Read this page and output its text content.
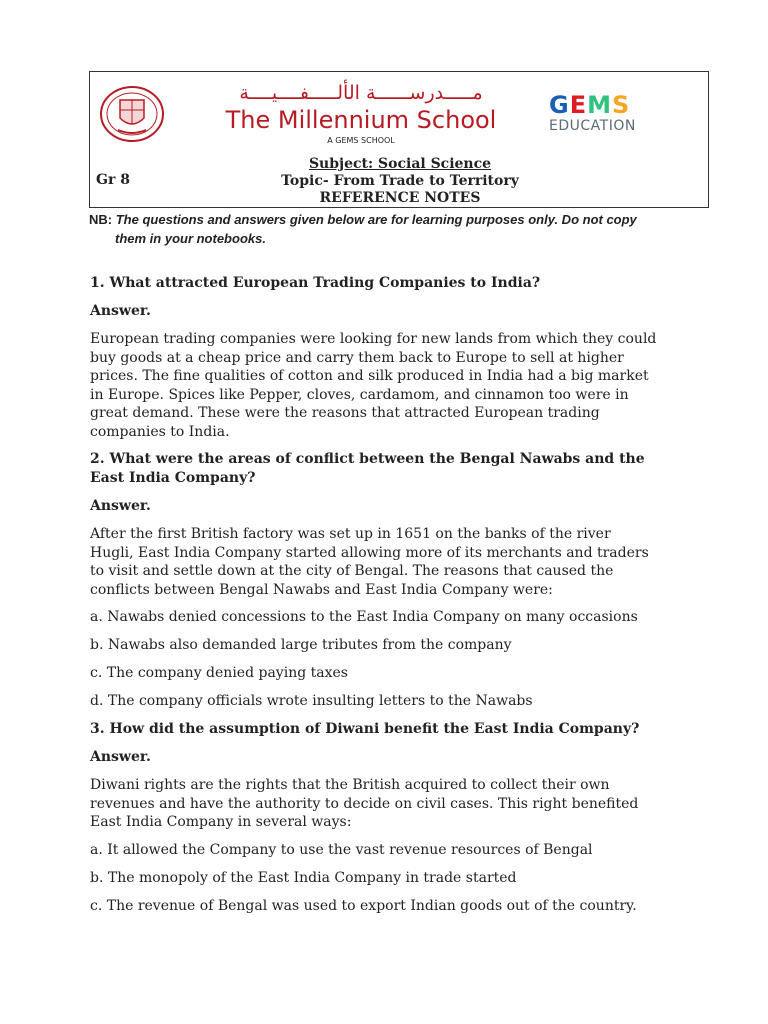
مـــــدرســــــة الألـــــفــــيــــة
The Millennium School
A GEMS SCHOOL
GEMS
EDUCATION
Gr 8
Subject: Social Science
Topic- From Trade to Territory
REFERENCE NOTES
NB: The questions and answers given below are for learning purposes only. Do not copy
them in your notebooks.

1. What attracted European Trading Companies to India?

Answer.

European trading companies were looking for new lands from which they could

buy goods at a cheap price and carry them back to Europe to sell at higher

prices. The fine qualities of cotton and silk produced in India had a big market

in Europe. Spices like Pepper, cloves, cardamom, and cinnamon too were in

great demand. These were the reasons that attracted European trading

companies to India.

2. What were the areas of conflict between the Bengal Nawabs and the

East India Company?

Answer.

After the first British factory was set up in 1651 on the banks of the river

Hugli, East India Company started allowing more of its merchants and traders

to visit and settle down at the city of Bengal. The reasons that caused the

conflicts between Bengal Nawabs and East India Company were:

a. Nawabs denied concessions to the East India Company on many occasions

b. Nawabs also demanded large tributes from the company

c. The company denied paying taxes

d. The company officials wrote insulting letters to the Nawabs

3. How did the assumption of Diwani benefit the East India Company?

Answer.

Diwani rights are the rights that the British acquired to collect their own

revenues and have the authority to decide on civil cases. This right benefited

East India Company in several ways:

a. It allowed the Company to use the vast revenue resources of Bengal

b. The monopoly of the East India Company in trade started

c. The revenue of Bengal was used to export Indian goods out of the country.
